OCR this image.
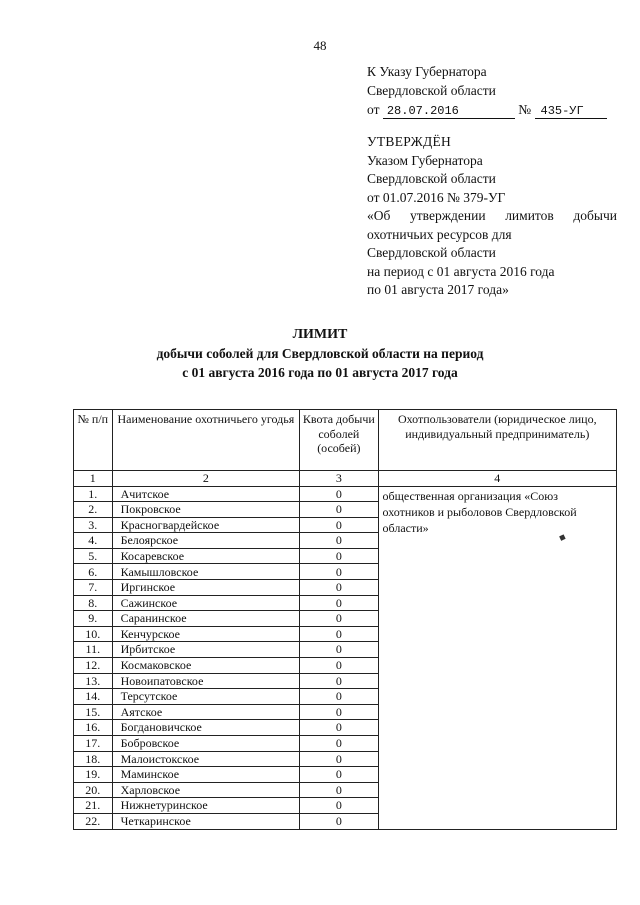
48
К Указу Губернатора
Свердловской области
от 28.07.2016	№ 435-УГ
УТВЕРЖДЁН
Указом Губернатора
Свердловской области
от 01.07.2016 № 379-УГ
«Об утверждении лимитов добычи
охотничьих ресурсов для
Свердловской области
на период с 01 августа 2016 года
по 01 августа 2017 года»
ЛИМИТ
добычи соболей для Свердловской области на период
с 01 августа 2016 года по 01 августа 2017 года
№ п/п	Наименование охотничьего угодья	Квота добычи соболей (особей)	Охотпользователи (юридическое лицо, индивидуальный предприниматель)
1	2	3	4
1.	Ачитское	0	общественная организация «Союз охотников и рыболовов Свердловской области»
2.	Покровское	0	
3.	Красногвардейское	0	
4.	Белоярское	0	
5.	Косаревское	0	
6.	Камышловское	0	
7.	Иргинское	0	
8.	Сажинское	0	
9.	Саранинское	0	
10.	Кенчурское	0	
11.	Ирбитское	0	
12.	Космаковское	0	
13.	Новоипатовское	0	
14.	Терсутское	0	
15.	Аятское	0	
16.	Богдановичское	0	
17.	Бобровское	0	
18.	Малоистокское	0	
19.	Маминское	0	
20.	Харловское	0	
21.	Нижнетуринское	0	
22.	Четкаринское	0	
◆
